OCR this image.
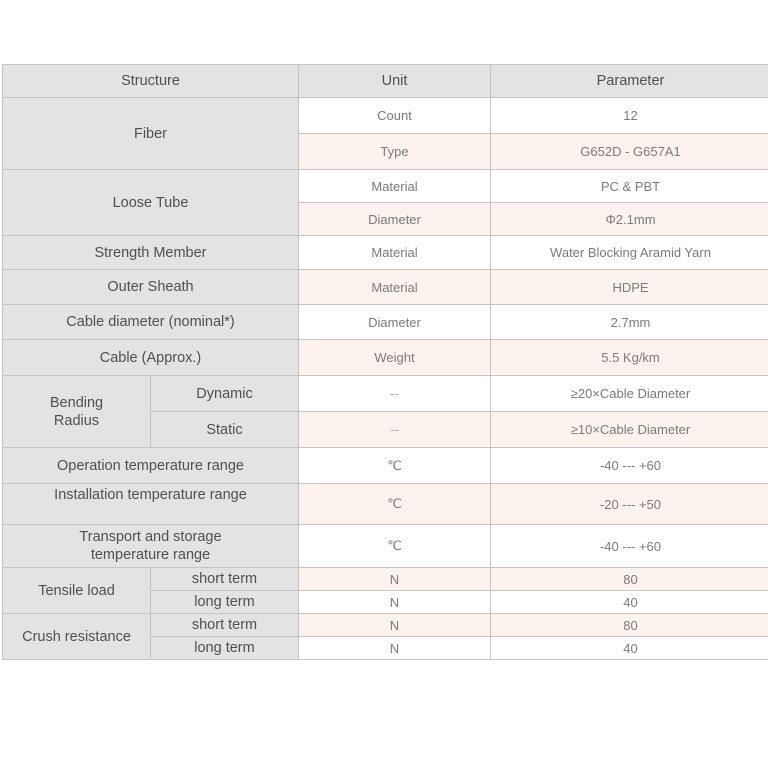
Structure		Unit	Parameter
Fiber		Count	12
		Type	G652D - G657A1
Loose Tube		Material	PC & PBT
		Diameter	Φ2.1mm
Strength Member		Material	Water Blocking Aramid Yarn
Outer Sheath		Material	HDPE
Cable diameter (nominal*)		Diameter	2.7mm
Cable (Approx.)		Weight	5.5 Kg/km
Bending Radius	Dynamic	--	≥20×Cable Diameter
	Static	--	≥10×Cable Diameter
Operation temperature range		℃	-40 --- +60
Installation temperature range		℃	-20 --- +50
Transport and storage temperature range		℃	-40 --- +60
Tensile load	short term	N	80
	long term	N	40
Crush resistance	short term	N	80
	long term	N	40
